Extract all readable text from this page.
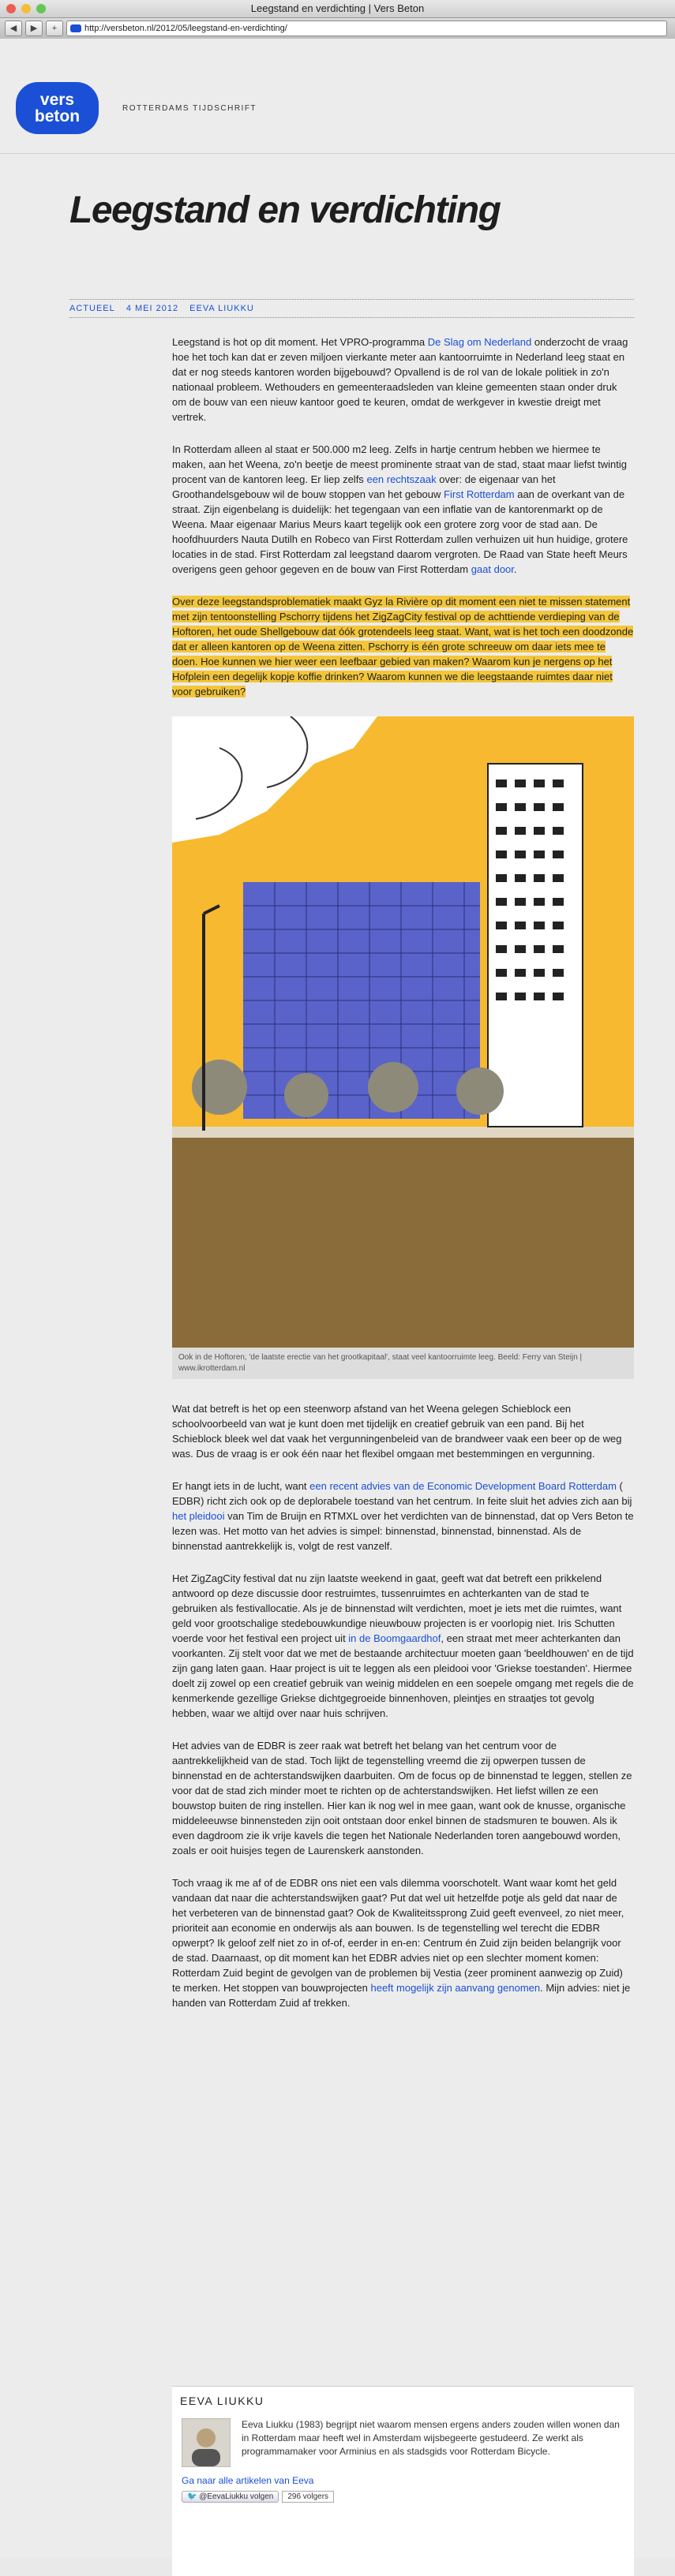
Leegstand en verdichting | Vers Beton
◀	▶	+	http://versbeton.nl/2012/05/leegstand-en-verdichting/
vers
beton	ROTTERDAMS TIJDSCHRIFT
Leegstand en verdichting
ACTUEEL 4 MEI 2012 EEVA LIUKKU

Leegstand is hot op dit moment. Het VPRO-programma De Slag om Nederland onderzocht de vraag hoe het toch kan dat er zeven miljoen vierkante meter aan kantoorruimte in Nederland leeg staat en dat er nog steeds kantoren worden bijgebouwd? Opvallend is de rol van de lokale politiek in zo'n nationaal probleem. Wethouders en gemeenteraadsleden van kleine gemeenten staan onder druk om de bouw van een nieuw kantoor goed te keuren, omdat de werkgever in kwestie dreigt met vertrek.

In Rotterdam alleen al staat er 500.000 m2 leeg. Zelfs in hartje centrum hebben we hiermee te maken, aan het Weena, zo'n beetje de meest prominente straat van de stad, staat maar liefst twintig procent van de kantoren leeg. Er liep zelfs een rechtszaak over: de eigenaar van het Groothandelsgebouw wil de bouw stoppen van het gebouw First Rotterdam aan de overkant van de straat. Zijn eigenbelang is duidelijk: het tegengaan van een inflatie van de kantorenmarkt op de Weena. Maar eigenaar Marius Meurs kaart tegelijk ook een grotere zorg voor de stad aan. De hoofdhuurders Nauta Dutilh en Robeco van First Rotterdam zullen verhuizen uit hun huidige, grotere locaties in de stad. First Rotterdam zal leegstand daarom vergroten. De Raad van State heeft Meurs overigens geen gehoor gegeven en de bouw van First Rotterdam gaat door.

Over deze leegstandsproblematiek maakt Gyz la Rivière op dit moment een niet te missen statement met zijn tentoonstelling Pschorry tijdens het ZigZagCity festival op de achttiende verdieping van de Hoftoren, het oude Shellgebouw dat óók grotendeels leeg staat. Want, wat is het toch een doodzonde dat er alleen kantoren op de Weena zitten. Pschorry is één grote schreeuw om daar iets mee te doen. Hoe kunnen we hier weer een leefbaar gebied van maken? Waarom kun je nergens op het Hofplein een degelijk kopje koffie drinken? Waarom kunnen we die leegstaande ruimtes daar niet voor gebruiken?

Ook in de Hoftoren, 'de laatste erectie van het grootkapitaal', staat veel kantoorruimte leeg. Beeld: Ferry van Steijn | www.ikrotterdam.nl

Wat dat betreft is het op een steenworp afstand van het Weena gelegen Schieblock een schoolvoorbeeld van wat je kunt doen met tijdelijk en creatief gebruik van een pand. Bij het Schieblock bleek wel dat vaak het vergunningenbeleid van de brandweer vaak een beer op de weg was. Dus de vraag is er ook één naar het flexibel omgaan met bestemmingen en vergunning.

Er hangt iets in de lucht, want een recent advies van de Economic Development Board Rotterdam ( EDBR) richt zich ook op de deplorabele toestand van het centrum. In feite sluit het advies zich aan bij het pleidooi van Tim de Bruijn en RTMXL over het verdichten van de binnenstad, dat op Vers Beton te lezen was. Het motto van het advies is simpel: binnenstad, binnenstad, binnenstad. Als de binnenstad aantrekkelijk is, volgt de rest vanzelf.

Het ZigZagCity festival dat nu zijn laatste weekend in gaat, geeft wat dat betreft een prikkelend antwoord op deze discussie door restruimtes, tussenruimtes en achterkanten van de stad te gebruiken als festivallocatie. Als je de binnenstad wilt verdichten, moet je iets met die ruimtes, want geld voor grootschalige stedebouwkundige nieuwbouw projecten is er voorlopig niet. Iris Schutten voerde voor het festival een project uit in de Boomgaardhof, een straat met meer achterkanten dan voorkanten. Zij stelt voor dat we met de bestaande architectuur moeten gaan 'beeldhouwen' en de tijd zijn gang laten gaan. Haar project is uit te leggen als een pleidooi voor 'Griekse toestanden'. Hiermee doelt zij zowel op een creatief gebruik van weinig middelen en een soepele omgang met regels die de kenmerkende gezellige Griekse dichtgegroeide binnenhoven, pleintjes en straatjes tot gevolg hebben, waar we altijd over naar huis schrijven.

Het advies van de EDBR is zeer raak wat betreft het belang van het centrum voor de aantrekkelijkheid van de stad. Toch lijkt de tegenstelling vreemd die zij opwerpen tussen de binnenstad en de achterstandswijken daarbuiten. Om de focus op de binnenstad te leggen, stellen ze voor dat de stad zich minder moet te richten op de achterstandswijken. Het liefst willen ze een bouwstop buiten de ring instellen. Hier kan ik nog wel in mee gaan, want ook de knusse, organische middeleeuwse binnensteden zijn ooit ontstaan door enkel binnen de stadsmuren te bouwen. Als ik even dagdroom zie ik vrije kavels die tegen het Nationale Nederlanden toren aangebouwd worden, zoals er ooit huisjes tegen de Laurenskerk aanstonden.

Toch vraag ik me af of de EDBR ons niet een vals dilemma voorschotelt. Want waar komt het geld vandaan dat naar die achterstandswijken gaat? Put dat wel uit hetzelfde potje als geld dat naar de het verbeteren van de binnenstad gaat? Ook de Kwaliteitssprong Zuid geeft evenveel, zo niet meer, prioriteit aan economie en onderwijs als aan bouwen. Is de tegenstelling wel terecht die EDBR opwerpt? Ik geloof zelf niet zo in of-of, eerder in en-en: Centrum én Zuid zijn beiden belangrijk voor de stad. Daarnaast, op dit moment kan het EDBR advies niet op een slechter moment komen: Rotterdam Zuid begint de gevolgen van de problemen bij Vestia (zeer prominent aanwezig op Zuid) te merken. Het stoppen van bouwprojecten heeft mogelijk zijn aanvang genomen. Mijn advies: niet je handen van Rotterdam Zuid af trekken.

EEVA LIUKKU
Eeva Liukku (1983) begrijpt niet waarom mensen ergens anders zouden willen wonen dan in Rotterdam maar heeft wel in Amsterdam wijsbegeerte gestudeerd. Ze werkt als programmamaker voor Arminius en als stadsgids voor Rotterdam Bicycle.
Ga naar alle artikelen van Eeva
🐦 @EevaLiukku volgen	296 volgers
